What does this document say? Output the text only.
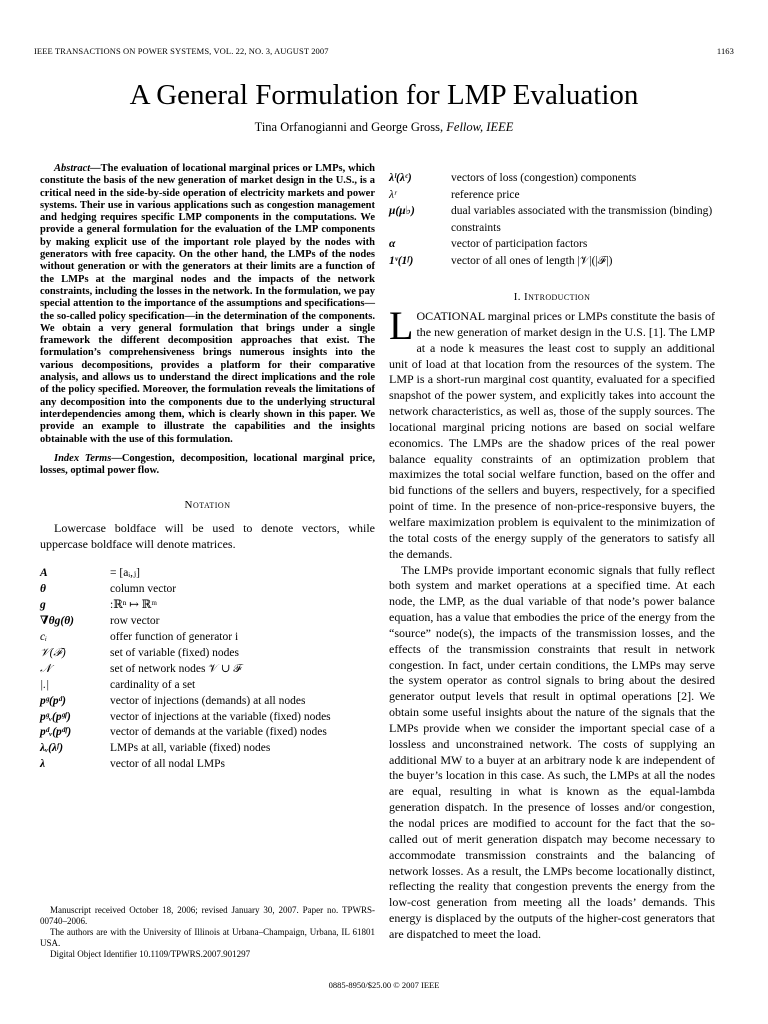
IEEE TRANSACTIONS ON POWER SYSTEMS, VOL. 22, NO. 3, AUGUST 2007	1163
A General Formulation for LMP Evaluation
Tina Orfanogianni and George Gross, Fellow, IEEE

Abstract—The evaluation of locational marginal prices or LMPs, which constitute the basis of the new generation of market design in the U.S., is a critical need in the side-by-side operation of electricity markets and power systems. Their use in various applications such as congestion management and hedging requires specific LMP components in the computations. We provide a general formulation for the evaluation of the LMP components by making explicit use of the important role played by the nodes with generators with free capacity. On the other hand, the LMPs of the nodes without generation or with the generators at their limits are a function of the LMPs at the marginal nodes and the impacts of the network constraints, including the losses in the network. In the formulation, we pay special attention to the importance of the assumptions and specifications—the so-called policy specification—in the determination of the components. We obtain a very general formulation that brings under a single framework the different decomposition approaches that exist. The formulation’s comprehensiveness brings numerous insights into the various decompositions, provides a platform for their comparative analysis, and allows us to understand the direct implications and the role of the policy specified. Moreover, the formulation reveals the limitations of any decomposition into the components due to the underlying structural interdependencies among them, which is clearly shown in this paper. We provide an example to illustrate the capabilities and the insights obtainable with the use of this formulation.

Index Terms—Congestion, decomposition, locational marginal price, losses, optimal power flow.

Notation

Lowercase boldface will be used to denote vectors, while uppercase boldface will denote matrices.

A	= [aᵢ,ⱼ]
θ	column vector
g	:ℝⁿ ↦ ℝᵐ
∇θg(θ)	row vector
cᵢ	offer function of generator i
𝒱(ℱ)	set of variable (fixed) nodes
𝒩	set of network nodes 𝒱 ∪ ℱ
|.|	cardinality of a set
pᵍ(pᵈ)	vector of injections (demands) at all nodes
pᵍᵥ(pᵍᶠ)	vector of injections at the variable (fixed) nodes
pᵈᵥ(pᵈᶠ)	vector of demands at the variable (fixed) nodes
λᵥ(λᶠ)	LMPs at all, variable (fixed) nodes
λ	vector of all nodal LMPs

Manuscript received October 18, 2006; revised January 30, 2007. Paper no. TPWRS-00740–2006.

The authors are with the University of Illinois at Urbana–Champaign, Urbana, IL 61801 USA.

Digital Object Identifier 10.1109/TPWRS.2007.901297

λˡ(λᶜ)	vectors of loss (congestion) components
λʳ	reference price
μ(μ♭)	dual variables associated with the transmission (binding) constraints
α	vector of participation factors
1ᵛ(1ᶠ)	vector of all ones of length |𝒱|(|ℱ|)

I. Introduction

LOCATIONAL marginal prices or LMPs constitute the basis of the new generation of market design in the U.S. [1]. The LMP at a node k measures the least cost to supply an additional unit of load at that location from the resources of the system. The LMP is a short-run marginal cost quantity, evaluated for a specified snapshot of the power system, and explicitly takes into account the network characteristics, as well as, those of the supply sources. The locational marginal pricing notions are based on social welfare economics. The LMPs are the shadow prices of the real power balance equality constraints of an optimization problem that maximizes the total social welfare function, based on the offer and bid functions of the sellers and buyers, respectively, for a specified point of time. In the presence of non-price-responsive buyers, the welfare maximization problem is equivalent to the minimization of the total costs of the energy supply of the generators to satisfy all the demands.

The LMPs provide important economic signals that fully reflect both system and market operations at a specified time. At each node, the LMP, as the dual variable of that node’s power balance equation, has a value that embodies the price of the energy from the “source” node(s), the impacts of the transmission losses, and the effects of the transmission constraints that result in network congestion. In fact, under certain conditions, the LMPs may serve the system operator as control signals to bring about the desired generator output levels that result in optimal operations [2]. We obtain some useful insights about the nature of the signals that the LMPs provide when we consider the important special case of a lossless and unconstrained network. The costs of supplying an additional MW to a buyer at an arbitrary node k are independent of the buyer’s location in this case. As such, the LMPs at all the nodes are equal, resulting in what is known as the equal-lambda generation dispatch. In the presence of losses and/or congestion, the nodal prices are modified to account for the fact that the so-called out of merit generation dispatch may become necessary to accommodate transmission constraints and the balancing of network losses. As a result, the LMPs become locationally distinct, reflecting the reality that congestion prevents the energy from the low-cost generation from meeting all the loads’ demands. This energy is displaced by the outputs of the higher-cost generators that are dispatched to meet the load.

0885-8950/$25.00 © 2007 IEEE
